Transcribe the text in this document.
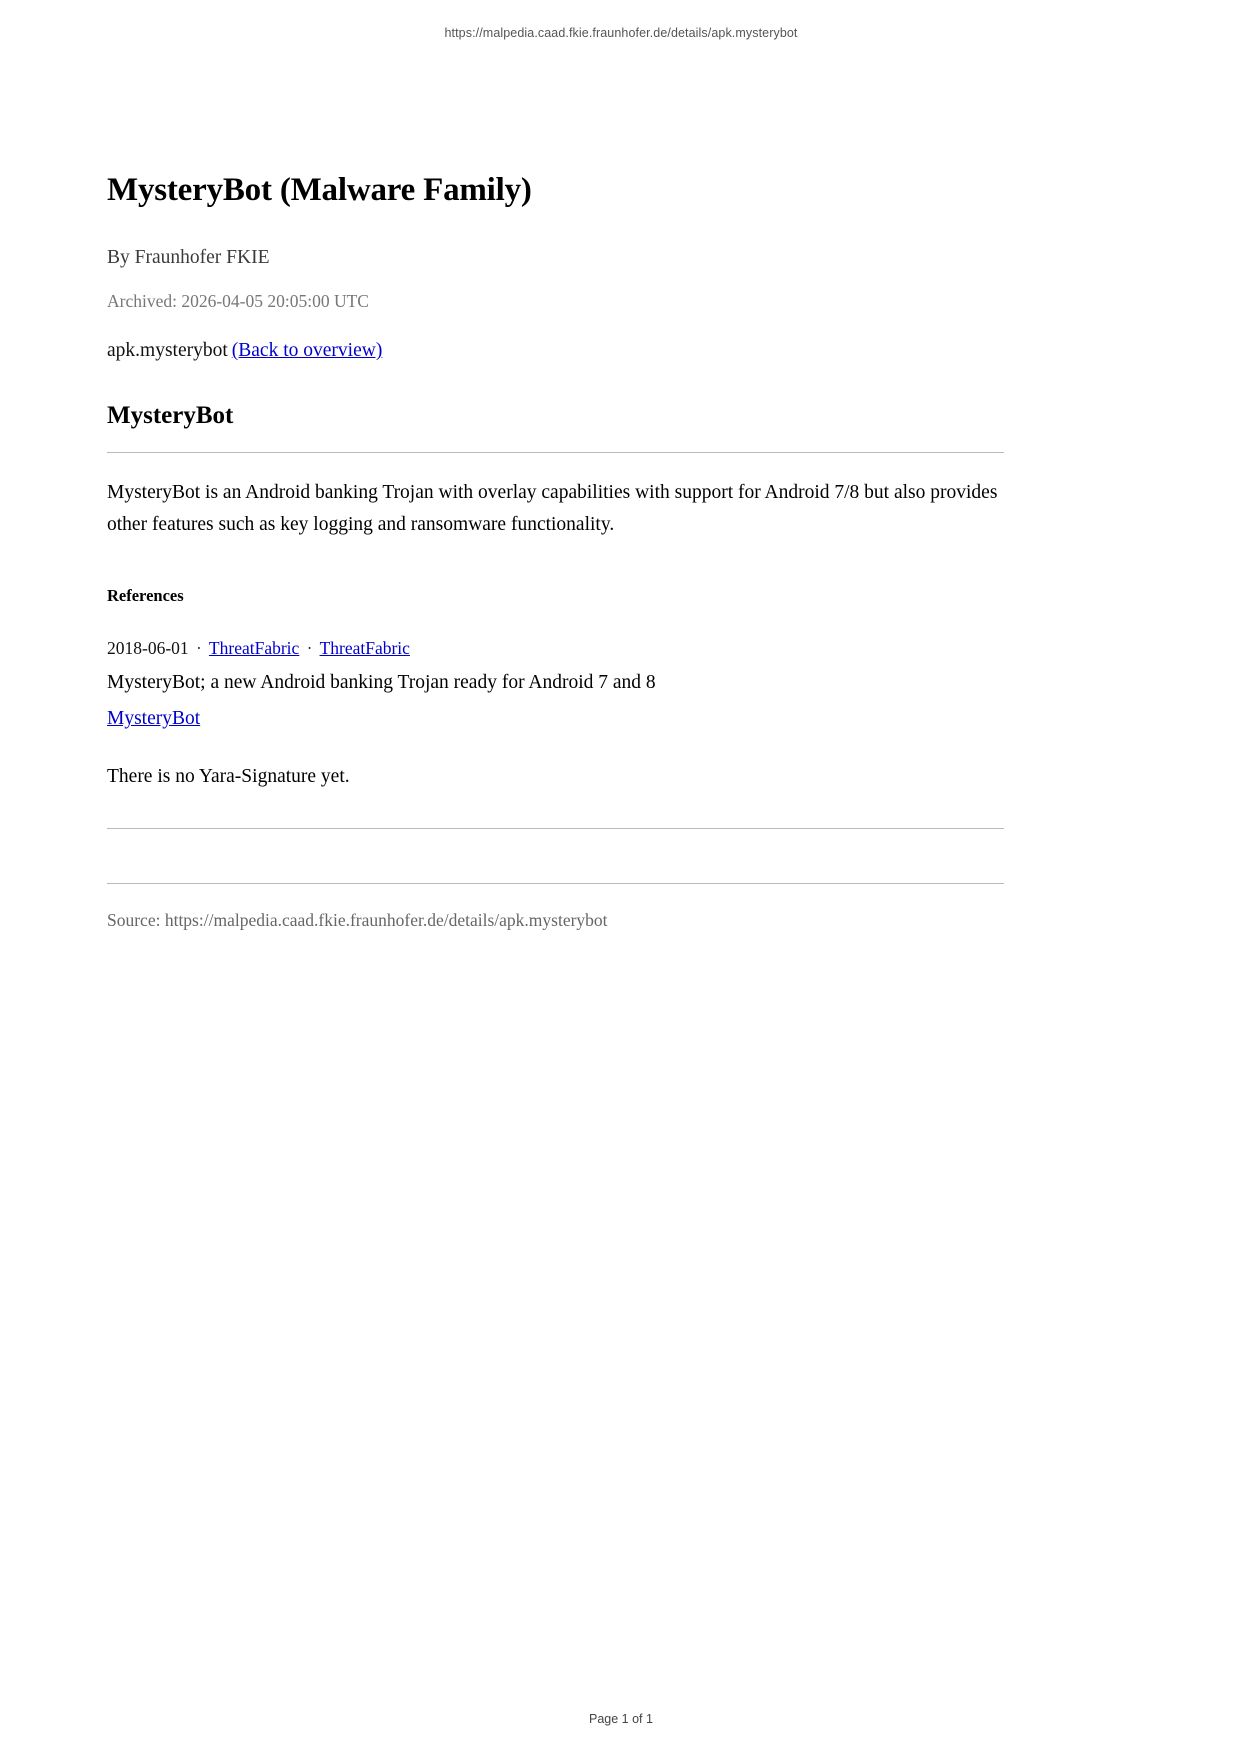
https://malpedia.caad.fkie.fraunhofer.de/details/apk.mysterybot
MysteryBot (Malware Family)
By Fraunhofer FKIE
Archived: 2026-04-05 20:05:00 UTC
apk.mysterybot (Back to overview)
MysteryBot

MysteryBot is an Android banking Trojan with overlay capabilities with support for Android 7/8 but also provides other features such as key logging and ransomware functionality.

References
2018-06-01 · ThreatFabric · ThreatFabric
MysteryBot; a new Android banking Trojan ready for Android 7 and 8
MysteryBot

There is no Yara-Signature yet.

Source: https://malpedia.caad.fkie.fraunhofer.de/details/apk.mysterybot
Page 1 of 1
